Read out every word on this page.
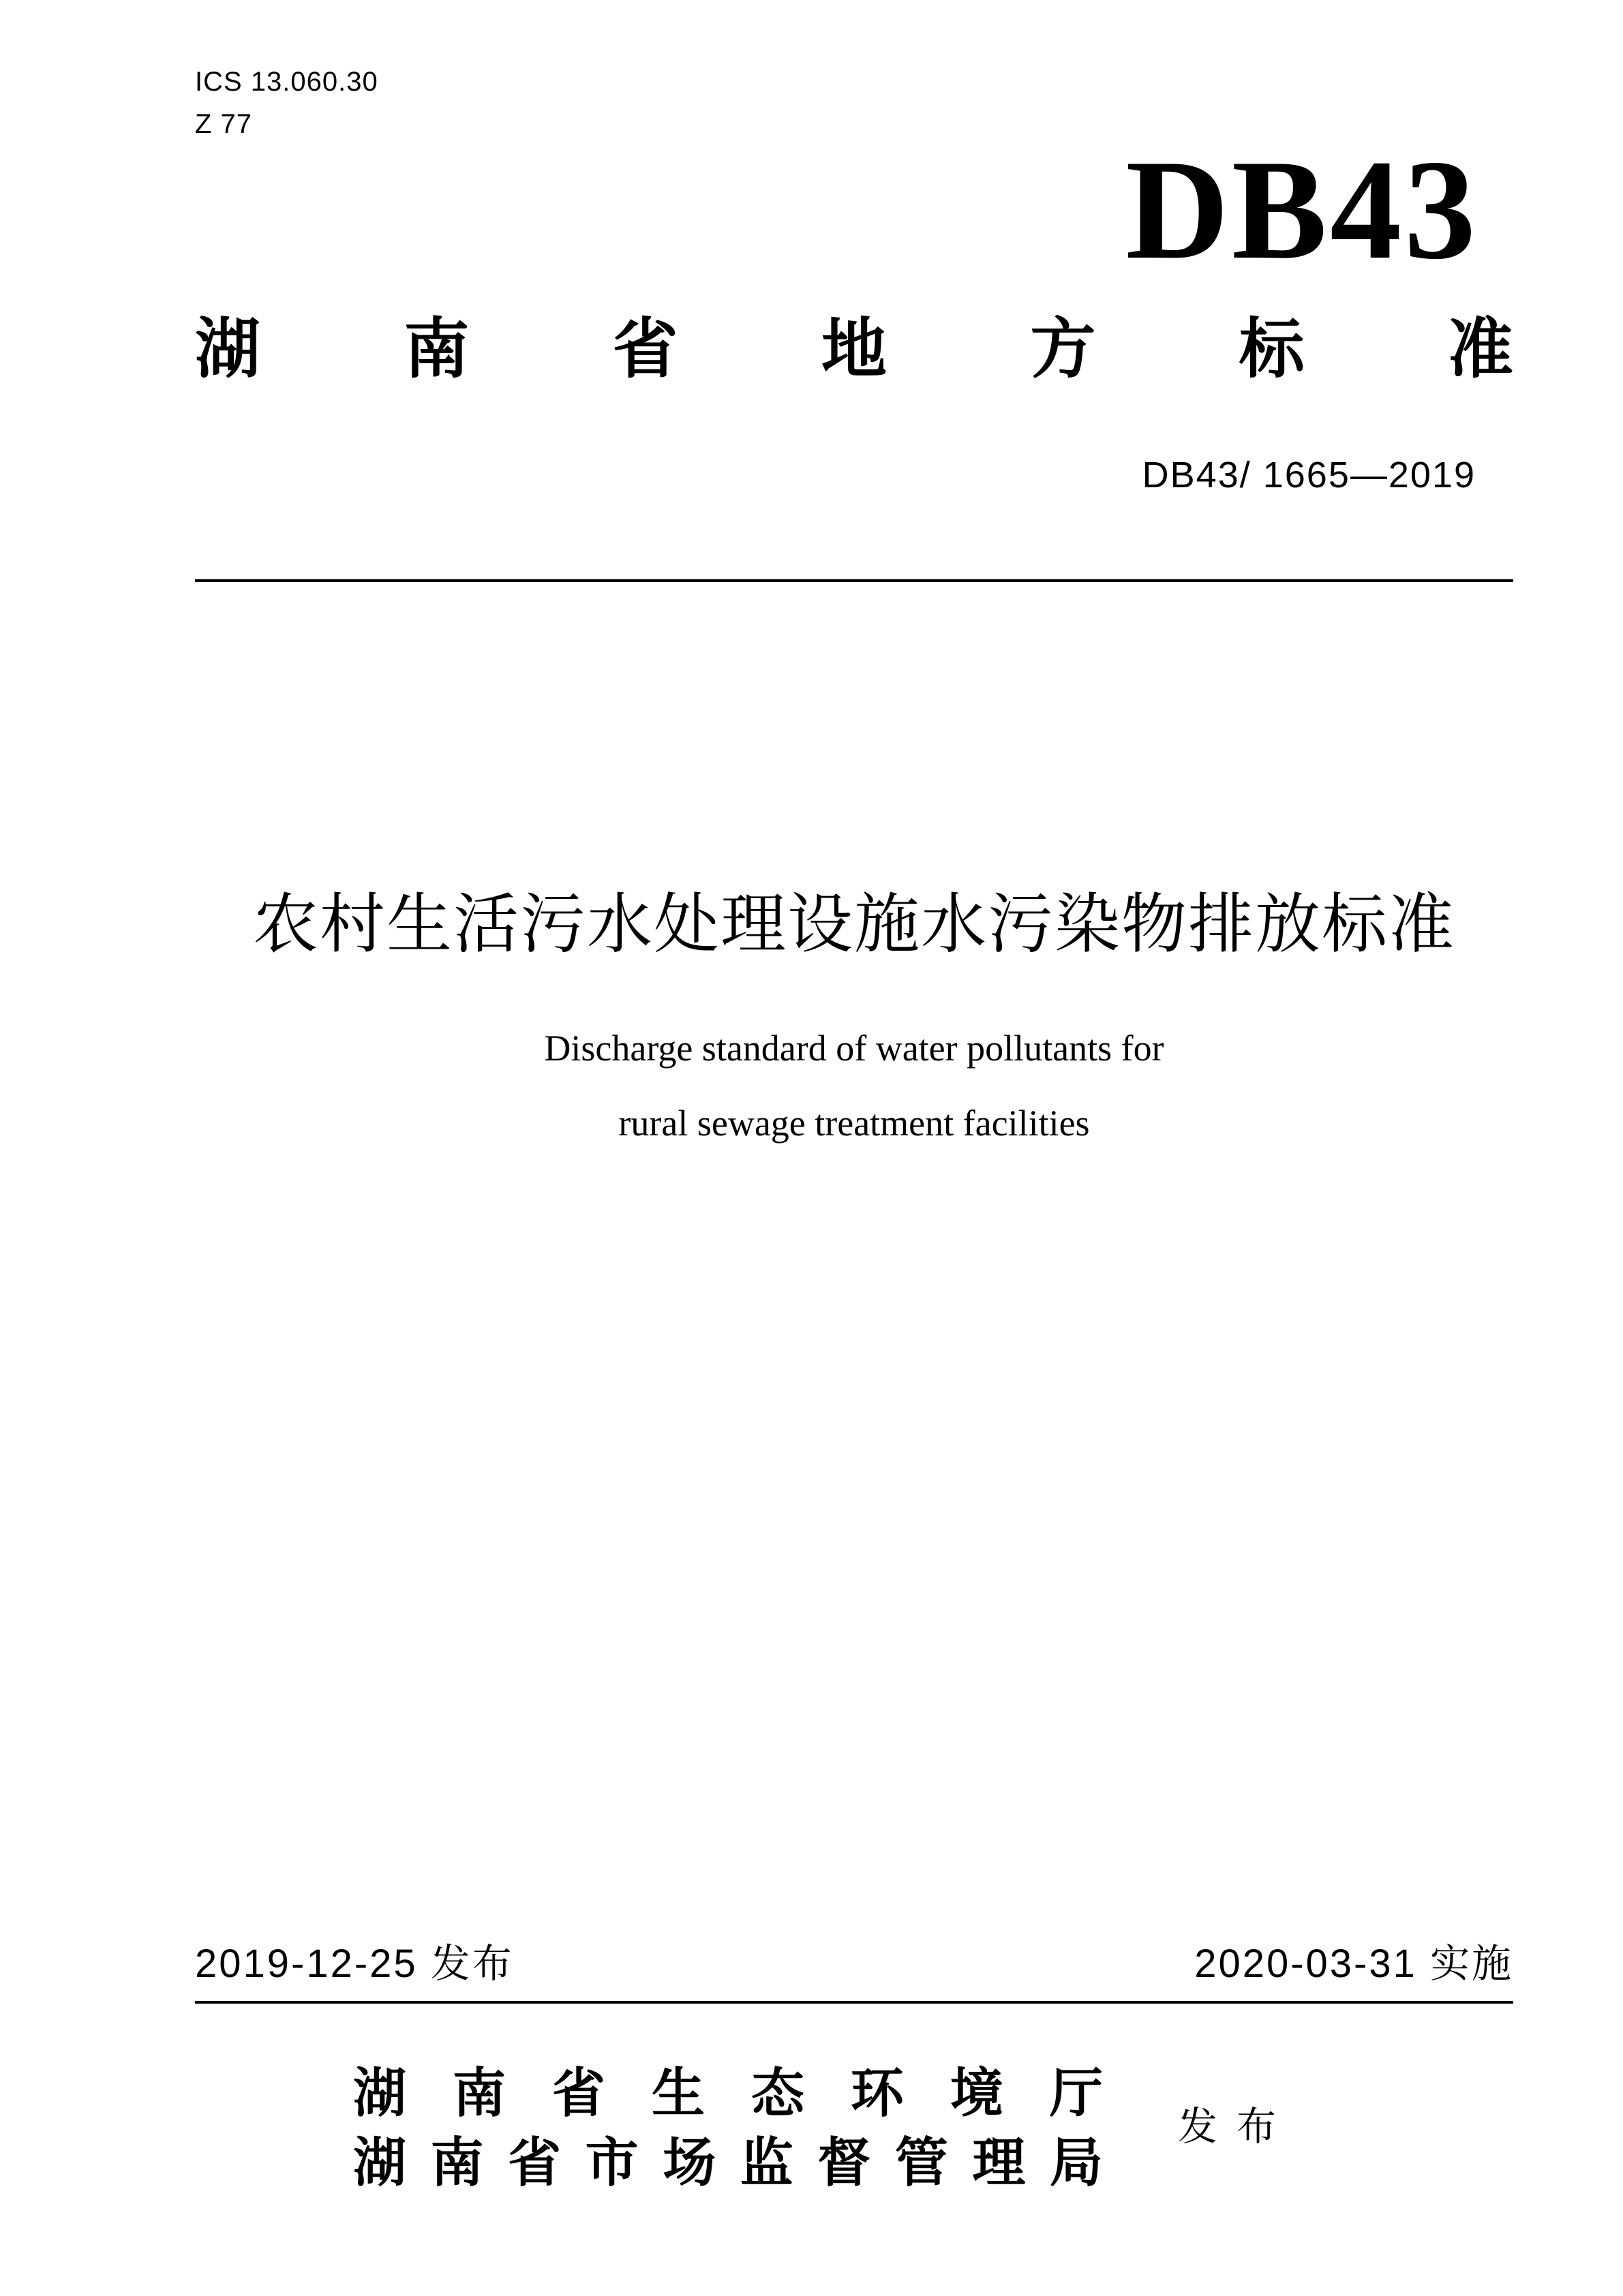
ICS 13.060.30
Z 77
DB43
湖 南 省 地 方 标 准
DB43/ 1665—2019
农村生活污水处理设施水污染物排放标准
Discharge standard of water pollutants for
rural sewage treatment facilities
2019-12-25 发布	2020-03-31 实施
湖 南 省 生 态 环 境 厅
湖 南 省 市 场 监 督 管 理 局
发布
